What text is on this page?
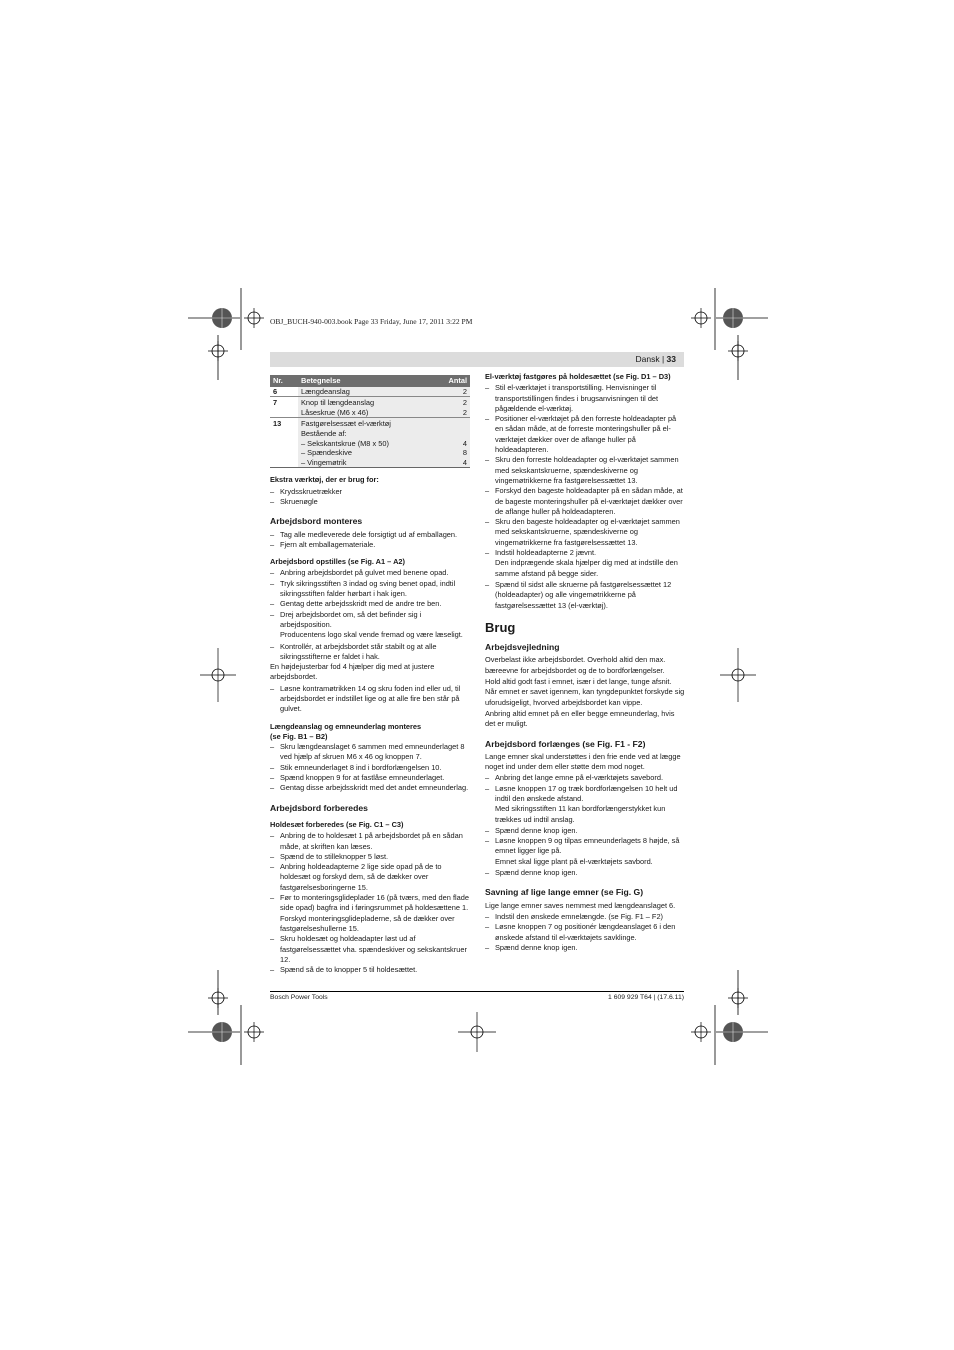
OBJ_BUCH-940-003.book Page 33 Friday, June 17, 2011 3:22 PM
Dansk | 33
Nr.	Betegnelse	Antal
6	Længdeanslag	2
7	Knop til længdeanslag	2
	Låseskrue (M6 x 46)	2
13	Fastgørelsessæt el-værktøj	
	Bestående af:	
	– Sekskantskrue (M8 x 50)	4
	– Spændeskive	8
	– Vingemøtrik	4
Ekstra værktøj, der er brug for:
– Krydsskruetrækker
– Skruenøgle
Arbejdsbord monteres
– Tag alle medleverede dele forsigtigt ud af emballagen.
– Fjern alt emballagemateriale.
Arbejdsbord opstilles (se Fig. A1 – A2)
– Anbring arbejdsbordet på gulvet med benene opad.
– Tryk sikringsstiften 3 indad og sving benet opad, indtil sikringsstiften falder hørbart i hak igen.
– Gentag dette arbejdsskridt med de andre tre ben.
– Drej arbejdsbordet om, så det befinder sig i arbejdsposition.
Producentens logo skal vende fremad og være læseligt.
– Kontrollér, at arbejdsbordet står stabilt og at alle sikringsstifterne er faldet i hak.
En højdejusterbar fod 4 hjælper dig med at justere arbejdsbordet.
– Løsne kontramøtrikken 14 og skru foden ind eller ud, til arbejdsbordet er indstillet lige og at alle fire ben står på gulvet.
Længdeanslag og emneunderlag monteres
(se Fig. B1 – B2)
– Skru længdeanslaget 6 sammen med emneunderlaget 8 ved hjælp af skruen M6 x 46 og knoppen 7.
– Stik emneunderlaget 8 ind i bordforlængelsen 10.
– Spænd knoppen 9 for at fastlåse emneunderlaget.
– Gentag disse arbejdsskridt med det andet emneunderlag.
Arbejdsbord forberedes
Holdesæt forberedes (se Fig. C1 – C3)
– Anbring de to holdesæt 1 på arbejdsbordet på en sådan måde, at skriften kan læses.
– Spænd de to stilleknopper 5 løst.
– Anbring holdeadapterne 2 lige side opad på de to holdesæt og forskyd dem, så de dækker over fastgørelsesboringerne 15.
– Før to monteringsglideplader 16 (på tværs, med den flade side opad) bagfra ind i føringsrummet på holdesættene 1. Forskyd monteringsglidepladerne, så de dækker over fastgørelseshullerne 15.
– Skru holdesæt og holdeadapter løst ud af fastgørelsessættet vha. spændeskiver og sekskantskruer 12.
– Spænd så de to knopper 5 til holdesættet.
El-værktøj fastgøres på holdesættet (se Fig. D1 – D3)
– Stil el-værktøjet i transportstilling. Henvisninger til transportstillingen findes i brugsanvisningen til det pågældende el-værktøj.
– Positioner el-værktøjet på den forreste holdeadapter på en sådan måde, at de forreste monteringshuller på el-værktøjet dækker over de aflange huller på holdeadapteren.
– Skru den forreste holdeadapter og el-værktøjet sammen med sekskantskruerne, spændeskiverne og vingemøtrikkerne fra fastgørelsessættet 13.
– Forskyd den bageste holdeadapter på en sådan måde, at de bageste monteringshuller på el-værktøjet dækker over de aflange huller på holdeadapteren.
– Skru den bageste holdeadapter og el-værktøjet sammen med sekskantskruerne, spændeskiverne og vingemøtrikkerne fra fastgørelsessættet 13.
– Indstil holdeadapterne 2 jævnt.
Den indprægende skala hjælper dig med at indstille den samme afstand på begge sider.
– Spænd til sidst alle skruerne på fastgørelsessættet 12 (holdeadapter) og alle vingemøtrikkerne på fastgørelsessættet 13 (el-værktøj).
Brug
Arbejdsvejledning
Overbelast ikke arbejdsbordet. Overhold altid den max. bæreevne for arbejdsbordet og de to bordforlængelser.
Hold altid godt fast i emnet, især i det lange, tunge afsnit. Når emnet er savet igennem, kan tyngdepunktet forskyde sig uforudsigeligt, hvorved arbejdsbordet kan vippe.
Anbring altid emnet på en eller begge emneunderlag, hvis det er muligt.
Arbejdsbord forlænges (se Fig. F1 - F2)
Lange emner skal understøttes i den frie ende ved at lægge noget ind under dem eller støtte dem mod noget.
– Anbring det lange emne på el-værktøjets savebord.
– Løsne knoppen 17 og træk bordforlængelsen 10 helt ud indtil den ønskede afstand.
Med sikringsstiften 11 kan bordforlængerstykket kun trækkes ud indtil anslag.
– Spænd denne knop igen.
– Løsne knoppen 9 og tilpas emneunderlagets 8 højde, så emnet ligger lige på.
Emnet skal ligge plant på el-værktøjets savbord.
– Spænd denne knop igen.
Savning af lige lange emner (se Fig. G)
Lige lange emner saves nemmest med længdeanslaget 6.
– Indstil den ønskede emnelængde. (se Fig. F1 – F2)
– Løsne knoppen 7 og positionér længdeanslaget 6 i den ønskede afstand til el-værktøjets savklinge.
– Spænd denne knop igen.
Bosch Power Tools	1 609 929 T64 | (17.6.11)
